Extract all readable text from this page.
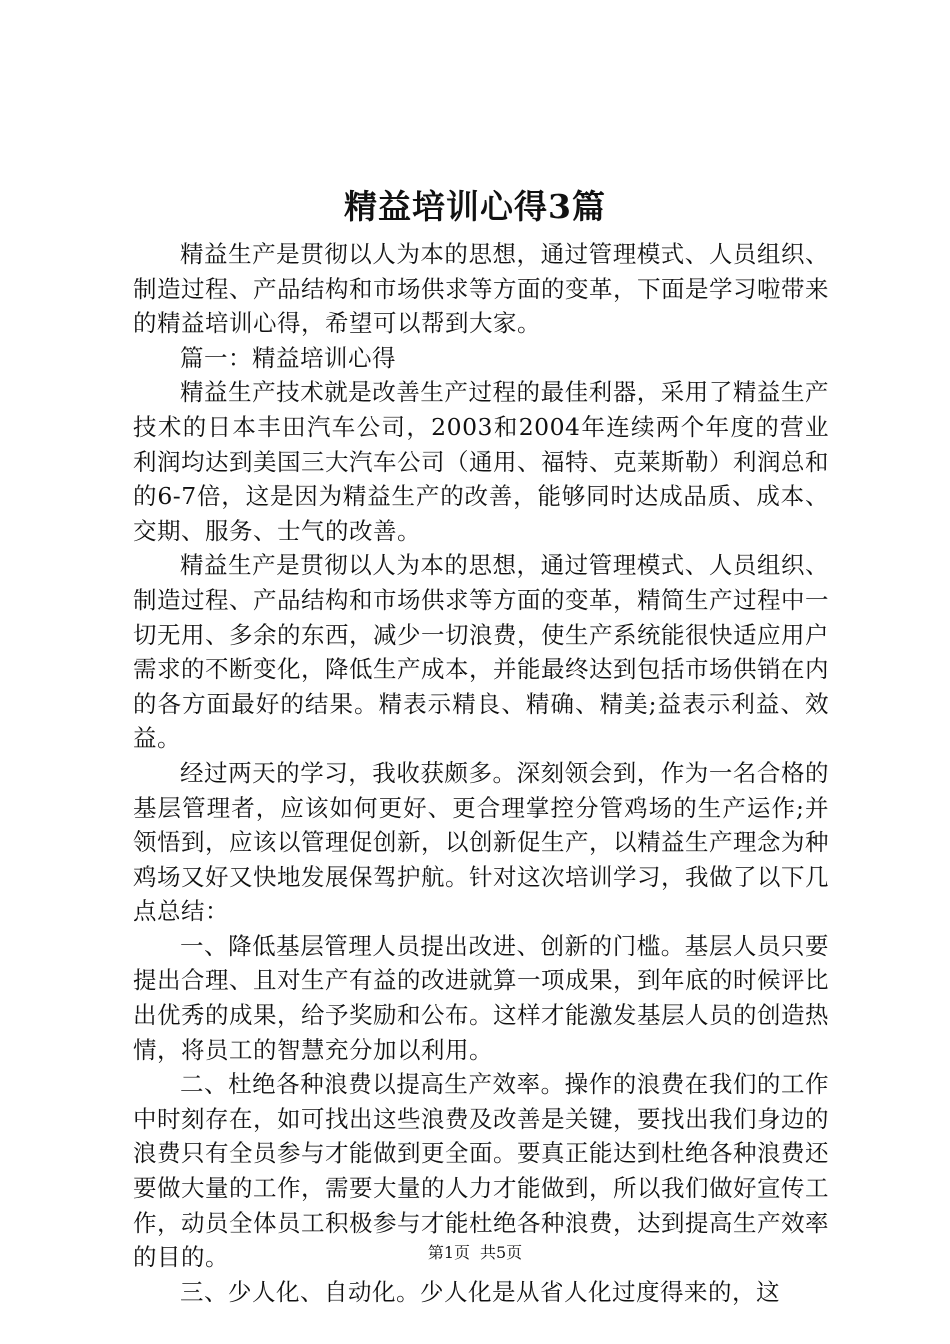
精益培训心得3篇

精益生产是贯彻以人为本的思想，通过管理模式、人员组织、制造过程、产品结构和市场供求等方面的变革，下面是学习啦带来的精益培训心得，希望可以帮到大家。

篇一：精益培训心得

精益生产技术就是改善生产过程的最佳利器，采用了精益生产技术的日本丰田汽车公司，2003和2004年连续两个年度的营业利润均达到美国三大汽车公司（通用、福特、克莱斯勒）利润总和的6-7倍，这是因为精益生产的改善，能够同时达成品质、成本、交期、服务、士气的改善。

精益生产是贯彻以人为本的思想，通过管理模式、人员组织、制造过程、产品结构和市场供求等方面的变革，精简生产过程中一切无用、多余的东西，减少一切浪费，使生产系统能很快适应用户需求的不断变化，降低生产成本，并能最终达到包括市场供销在内的各方面最好的结果。精表示精良、精确、精美;益表示利益、效益。

经过两天的学习，我收获颇多。深刻领会到，作为一名合格的基层管理者，应该如何更好、更合理掌控分管鸡场的生产运作;并领悟到，应该以管理促创新，以创新促生产，以精益生产理念为种鸡场又好又快地发展保驾护航。针对这次培训学习，我做了以下几点总结：

一、降低基层管理人员提出改进、创新的门槛。基层人员只要提出合理、且对生产有益的改进就算一项成果，到年底的时候评比出优秀的成果，给予奖励和公布。这样才能激发基层人员的创造热情，将员工的智慧充分加以利用。

二、杜绝各种浪费以提高生产效率。操作的浪费在我们的工作中时刻存在，如可找出这些浪费及改善是关键，要找出我们身边的浪费只有全员参与才能做到更全面。要真正能达到杜绝各种浪费还要做大量的工作，需要大量的人力才能做到，所以我们做好宣传工作，动员全体员工积极参与才能杜绝各种浪费，达到提高生产效率的目的。

三、少人化、自动化。少人化是从省人化过度得来的，这

第1页 共5页
